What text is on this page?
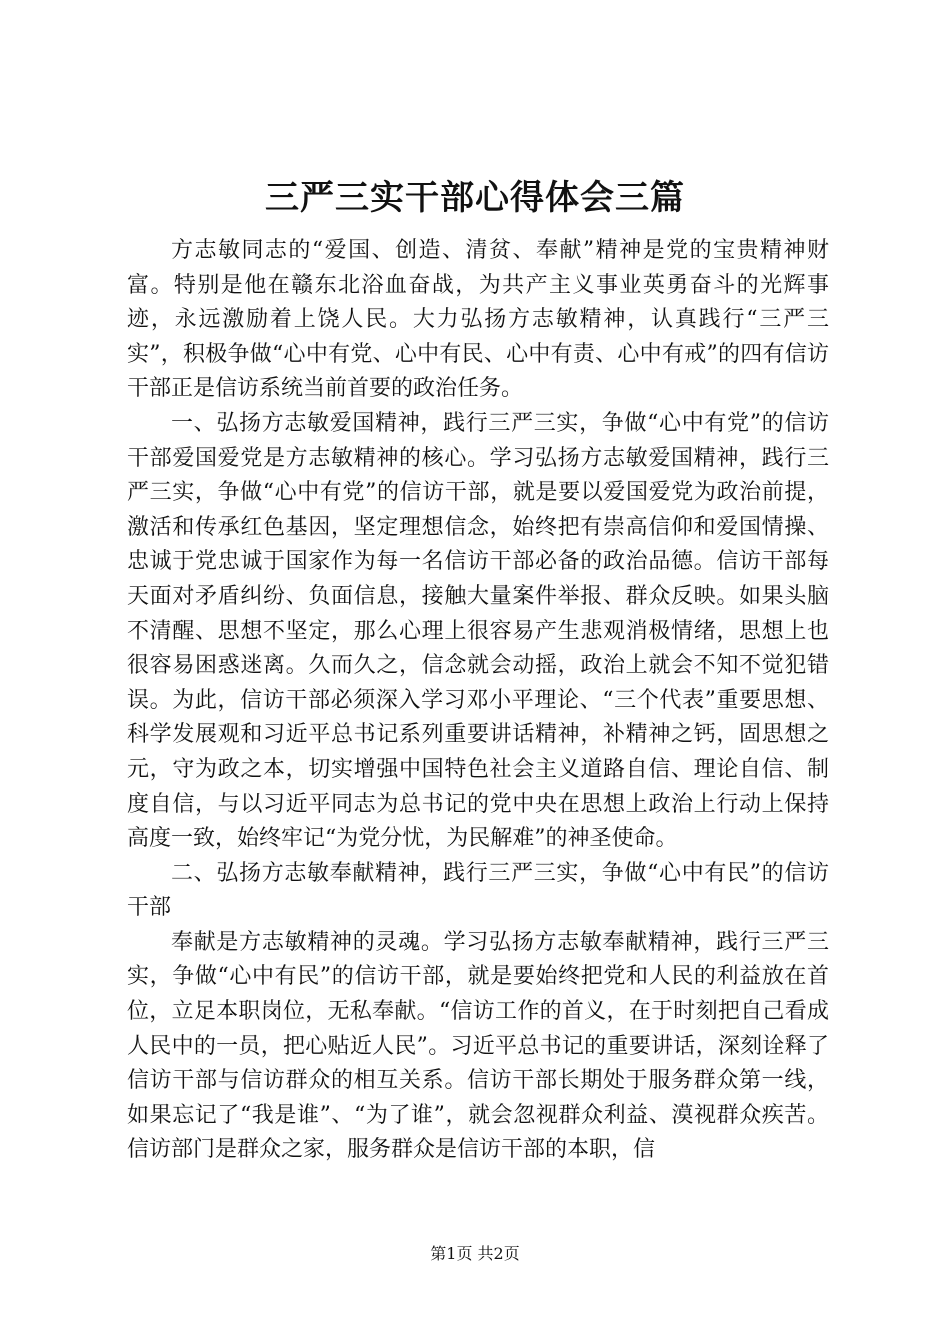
三严三实干部心得体会三篇

方志敏同志的“爱国、创造、清贫、奉献”精神是党的宝贵精神财富。特别是他在赣东北浴血奋战，为共产主义事业英勇奋斗的光辉事迹，永远激励着上饶人民。大力弘扬方志敏精神，认真践行“三严三实”，积极争做“心中有党、心中有民、心中有责、心中有戒”的四有信访干部正是信访系统当前首要的政治任务。

一、弘扬方志敏爱国精神，践行三严三实，争做“心中有党”的信访干部爱国爱党是方志敏精神的核心。学习弘扬方志敏爱国精神，践行三严三实，争做“心中有党”的信访干部，就是要以爱国爱党为政治前提，激活和传承红色基因，坚定理想信念，始终把有崇高信仰和爱国情操、忠诚于党忠诚于国家作为每一名信访干部必备的政治品德。信访干部每天面对矛盾纠纷、负面信息，接触大量案件举报、群众反映。如果头脑不清醒、思想不坚定，那么心理上很容易产生悲观消极情绪，思想上也很容易困惑迷离。久而久之，信念就会动摇，政治上就会不知不觉犯错误。为此，信访干部必须深入学习邓小平理论、“三个代表”重要思想、科学发展观和习近平总书记系列重要讲话精神，补精神之钙，固思想之元，守为政之本，切实增强中国特色社会主义道路自信、理论自信、制度自信，与以习近平同志为总书记的党中央在思想上政治上行动上保持高度一致，始终牢记“为党分忧，为民解难”的神圣使命。

二、弘扬方志敏奉献精神，践行三严三实，争做“心中有民”的信访干部

奉献是方志敏精神的灵魂。学习弘扬方志敏奉献精神，践行三严三实，争做“心中有民”的信访干部，就是要始终把党和人民的利益放在首位，立足本职岗位，无私奉献。“信访工作的首义，在于时刻把自己看成人民中的一员，把心贴近人民”。习近平总书记的重要讲话，深刻诠释了信访干部与信访群众的相互关系。信访干部长期处于服务群众第一线，如果忘记了“我是谁”、“为了谁”，就会忽视群众利益、漠视群众疾苦。信访部门是群众之家，服务群众是信访干部的本职，信

第1页 共2页
